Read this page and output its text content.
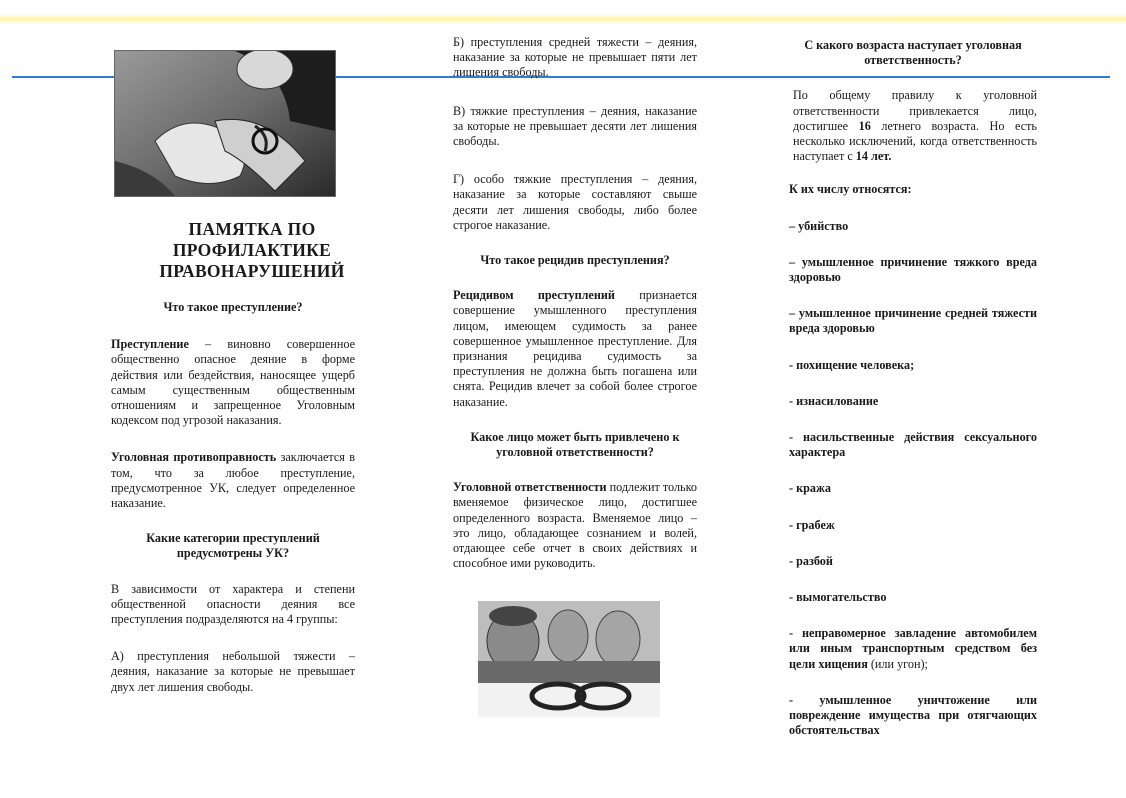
ПАМЯТКА ПО ПРОФИЛАКТИКЕ ПРАВОНАРУШЕНИЙ

Что такое преступление?

Преступление – виновно совершенное общественно опасное деяние в форме действия или бездействия, наносящее ущерб самым существенным общественным отношениям и запрещенное Уголовным кодексом под угрозой наказания.

Уголовная противоправность заключается в том, что за любое преступление, предусмотренное УК, следует определенное наказание.

Какие категории преступлений предусмотрены УК?

В зависимости от характера и степени общественной опасности деяния все преступления подразделяются на 4 группы:

А) преступления небольшой тяжести – деяния, наказание за которые не превышает двух лет лишения свободы.

Б) преступления средней тяжести – деяния, наказание за которые не превышает пяти лет лишения свободы.

В) тяжкие преступления – деяния, наказание за которые не превышает десяти лет лишения свободы.

Г) особо тяжкие преступления – деяния, наказание за которые составляют свыше десяти лет лишения свободы, либо более строгое наказание.

Что такое рецидив преступления?

Рецидивом преступлений признается совершение умышленного преступления лицом, имеющем судимость за ранее совершенное умышленное преступление. Для признания рецидива судимость за преступления не должна быть погашена или снята. Рецидив влечет за собой более строгое наказание.

Какое лицо может быть привлечено к уголовной ответственности?

Уголовной ответственности подлежит только вменяемое физическое лицо, достигшее определенного возраста. Вменяемое лицо – это лицо, обладающее сознанием и волей, отдающее себе отчет в своих действиях и способное ими руководить.

С какого возраста наступает уголовная ответственность?

По общему правилу к уголовной ответственности привлекается лицо, достигшее 16 летнего возраста. Но есть несколько исключений, когда ответственность наступает с 14 лет.

К их числу относятся:

– убийство

– умышленное причинение тяжкого вреда здоровью

– умышленное причинение средней тяжести вреда здоровью

- похищение человека;

- изнасилование

- насильственные действия сексуального характера

- кража

- грабеж

- разбой

- вымогательство

- неправомерное завладение автомобилем или иным транспортным средством без цели хищения (или угон);

- умышленное уничтожение или повреждение имущества при отягчающих обстоятельствах
